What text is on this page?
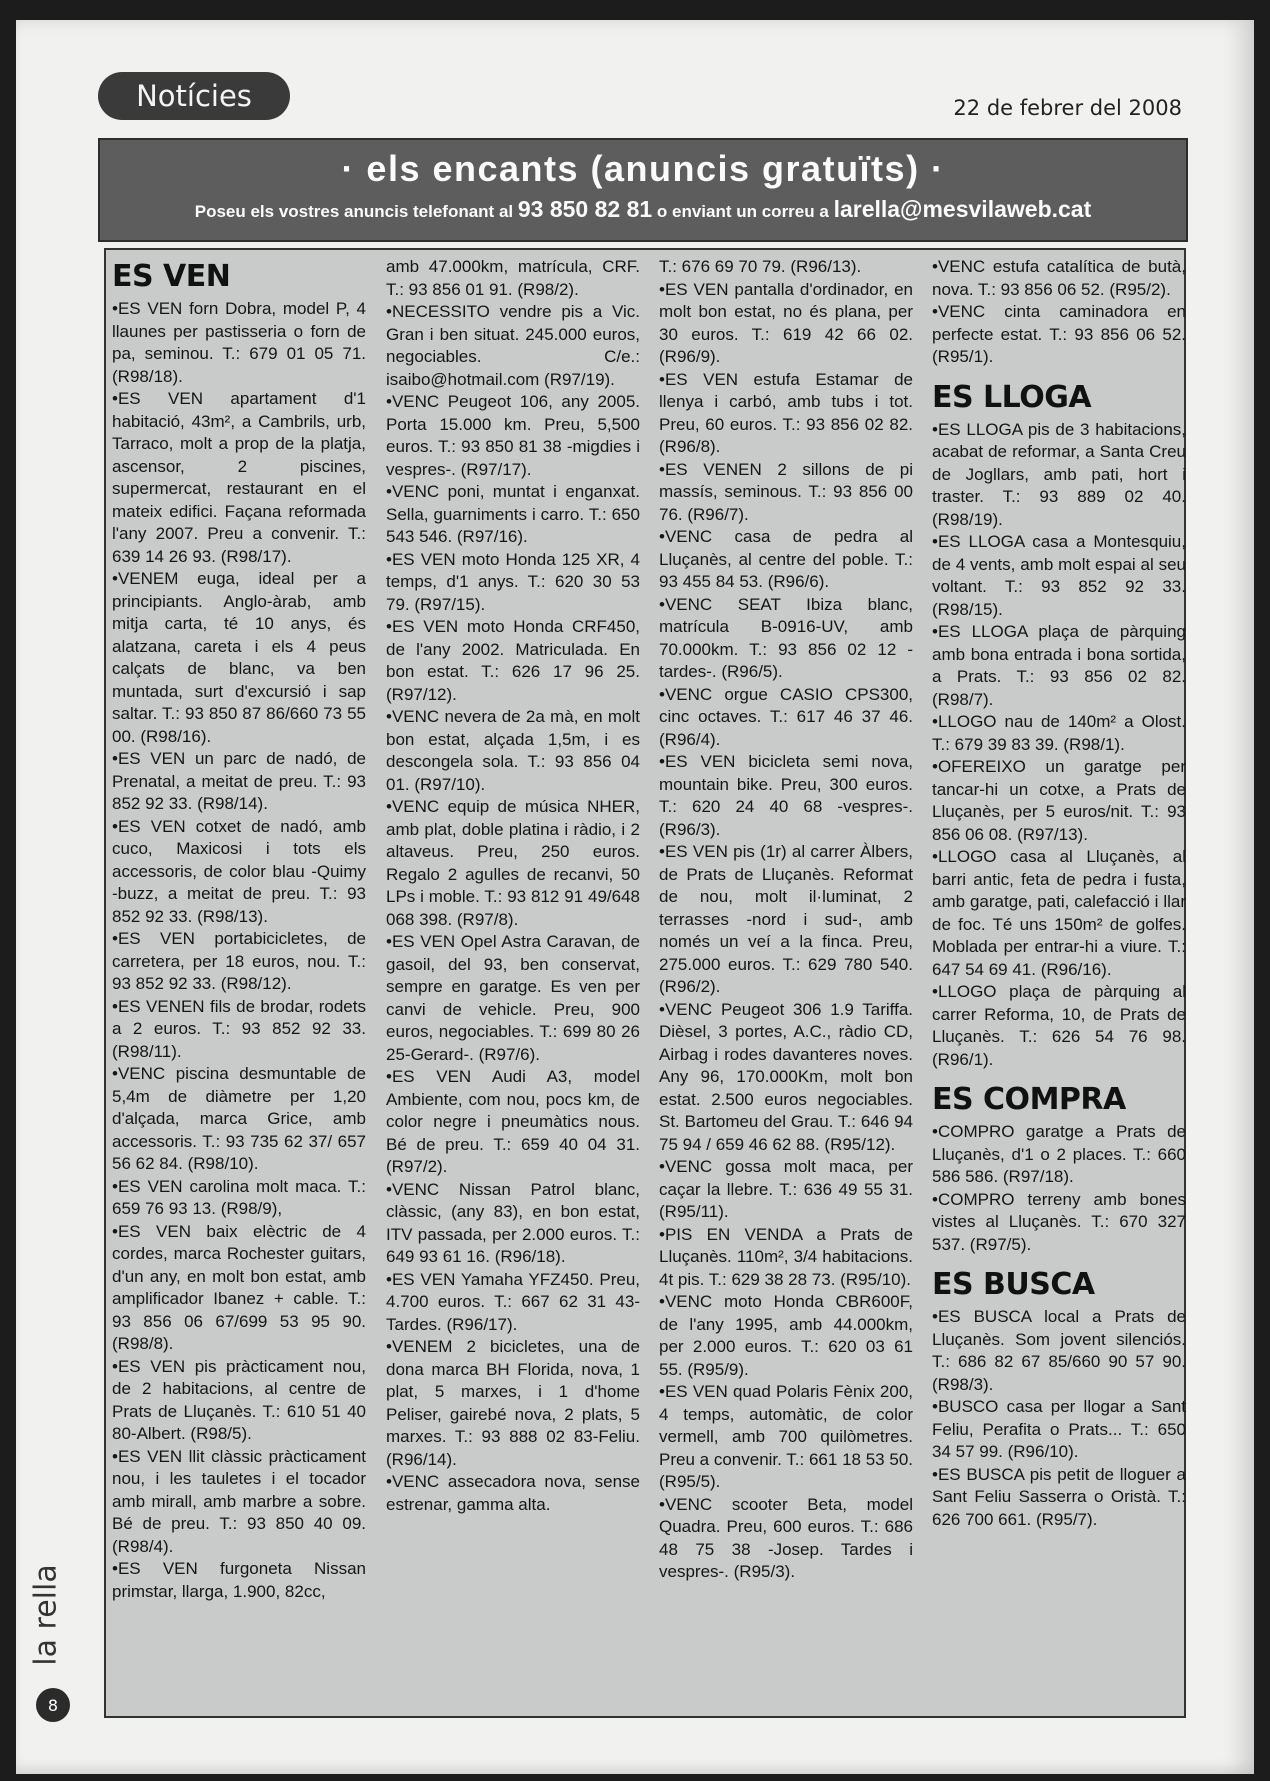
Notícies	22 de febrer del 2008
· els encants (anuncis gratuïts) ·
Poseu els vostres anuncis telefonant al 93 850 82 81 o enviant un correu a larella@mesvilaweb.cat
ES VEN

•ES VEN forn Dobra, model P, 4 llaunes per pastisseria o forn de pa, seminou. T.: 679 01 05 71. (R98/18).

•ES VEN apartament d'1 habitació, 43m², a Cambrils, urb, Tarraco, molt a prop de la platja, ascensor, 2 piscines, supermercat, restaurant en el mateix edifici. Façana reformada l'any 2007. Preu a convenir. T.: 639 14 26 93. (R98/17).

•VENEM euga, ideal per a principiants. Anglo-àrab, amb mitja carta, té 10 anys, és alatzana, careta i els 4 peus calçats de blanc, va ben muntada, surt d'excursió i sap saltar. T.: 93 850 87 86/660 73 55 00. (R98/16).

•ES VEN un parc de nadó, de Prenatal, a meitat de preu. T.: 93 852 92 33. (R98/14).

•ES VEN cotxet de nadó, amb cuco, Maxicosi i tots els accessoris, de color blau -Quimy -buzz, a meitat de preu. T.: 93 852 92 33. (R98/13).

•ES VEN portabicicletes, de carretera, per 18 euros, nou. T.: 93 852 92 33. (R98/12).

•ES VENEN fils de brodar, rodets a 2 euros. T.: 93 852 92 33. (R98/11).

•VENC piscina desmuntable de 5,4m de diàmetre per 1,20 d'alçada, marca Grice, amb accessoris. T.: 93 735 62 37/ 657 56 62 84. (R98/10).

•ES VEN carolina molt maca. T.: 659 76 93 13. (R98/9),

•ES VEN baix elèctric de 4 cordes, marca Rochester guitars, d'un any, en molt bon estat, amb amplificador Ibanez + cable. T.: 93 856 06 67/699 53 95 90. (R98/8).

•ES VEN pis pràcticament nou, de 2 habitacions, al centre de Prats de Lluçanès. T.: 610 51 40 80-Albert. (R98/5).

•ES VEN llit clàssic pràcticament nou, i les tauletes i el tocador amb mirall, amb marbre a sobre. Bé de preu. T.: 93 850 40 09. (R98/4).

•ES VEN furgoneta Nissan primstar, llarga, 1.900, 82cc,

amb 47.000km, matrícula, CRF. T.: 93 856 01 91. (R98/2).

•NECESSITO vendre pis a Vic. Gran i ben situat. 245.000 euros, negociables. C/e.: isaibo@hotmail.com (R97/19).

•VENC Peugeot 106, any 2005. Porta 15.000 km. Preu, 5,500 euros. T.: 93 850 81 38 -migdies i vespres-. (R97/17).

•VENC poni, muntat i enganxat. Sella, guarniments i carro. T.: 650 543 546. (R97/16).

•ES VEN moto Honda 125 XR, 4 temps, d'1 anys. T.: 620 30 53 79. (R97/15).

•ES VEN moto Honda CRF450, de l'any 2002. Matriculada. En bon estat. T.: 626 17 96 25. (R97/12).

•VENC nevera de 2a mà, en molt bon estat, alçada 1,5m, i es descongela sola. T.: 93 856 04 01. (R97/10).

•VENC equip de música NHER, amb plat, doble platina i ràdio, i 2 altaveus. Preu, 250 euros. Regalo 2 agulles de recanvi, 50 LPs i moble. T.: 93 812 91 49/648 068 398. (R97/8).

•ES VEN Opel Astra Caravan, de gasoil, del 93, ben conservat, sempre en garatge. Es ven per canvi de vehicle. Preu, 900 euros, negociables. T.: 699 80 26 25-Gerard-. (R97/6).

•ES VEN Audi A3, model Ambiente, com nou, pocs km, de color negre i pneumàtics nous. Bé de preu. T.: 659 40 04 31. (R97/2).

•VENC Nissan Patrol blanc, clàssic, (any 83), en bon estat, ITV passada, per 2.000 euros. T.: 649 93 61 16. (R96/18).

•ES VEN Yamaha YFZ450. Preu, 4.700 euros. T.: 667 62 31 43-Tardes. (R96/17).

•VENEM 2 bicicletes, una de dona marca BH Florida, nova, 1 plat, 5 marxes, i 1 d'home Peliser, gairebé nova, 2 plats, 5 marxes. T.: 93 888 02 83-Feliu. (R96/14).

•VENC assecadora nova, sense estrenar, gamma alta.

T.: 676 69 70 79. (R96/13).

•ES VEN pantalla d'ordinador, en molt bon estat, no és plana, per 30 euros. T.: 619 42 66 02. (R96/9).

•ES VEN estufa Estamar de llenya i carbó, amb tubs i tot. Preu, 60 euros. T.: 93 856 02 82. (R96/8).

•ES VENEN 2 sillons de pi massís, seminous. T.: 93 856 00 76. (R96/7).

•VENC casa de pedra al Lluçanès, al centre del poble. T.: 93 455 84 53. (R96/6).

•VENC SEAT Ibiza blanc, matrícula B-0916-UV, amb 70.000km. T.: 93 856 02 12 -tardes-. (R96/5).

•VENC orgue CASIO CPS300, cinc octaves. T.: 617 46 37 46. (R96/4).

•ES VEN bicicleta semi nova, mountain bike. Preu, 300 euros. T.: 620 24 40 68 -vespres-. (R96/3).

•ES VEN pis (1r) al carrer Àlbers, de Prats de Lluçanès. Reformat de nou, molt il·luminat, 2 terrasses -nord i sud-, amb només un veí a la finca. Preu, 275.000 euros. T.: 629 780 540. (R96/2).

•VENC Peugeot 306 1.9 Tariffa. Dièsel, 3 portes, A.C., ràdio CD, Airbag i rodes davanteres noves. Any 96, 170.000Km, molt bon estat. 2.500 euros negociables. St. Bartomeu del Grau. T.: 646 94 75 94 / 659 46 62 88. (R95/12).

•VENC gossa molt maca, per caçar la llebre. T.: 636 49 55 31. (R95/11).

•PIS EN VENDA a Prats de Lluçanès. 110m², 3/4 habitacions. 4t pis. T.: 629 38 28 73. (R95/10).

•VENC moto Honda CBR600F, de l'any 1995, amb 44.000km, per 2.000 euros. T.: 620 03 61 55. (R95/9).

•ES VEN quad Polaris Fènix 200, 4 temps, automàtic, de color vermell, amb 700 quilòmetres. Preu a convenir. T.: 661 18 53 50. (R95/5).

•VENC scooter Beta, model Quadra. Preu, 600 euros. T.: 686 48 75 38 -Josep. Tardes i vespres-. (R95/3).

•VENC estufa catalítica de butà, nova. T.: 93 856 06 52. (R95/2).

•VENC cinta caminadora en perfecte estat. T.: 93 856 06 52. (R95/1).

ES LLOGA

•ES LLOGA pis de 3 habitacions, acabat de reformar, a Santa Creu de Jogllars, amb pati, hort i traster. T.: 93 889 02 40. (R98/19).

•ES LLOGA casa a Montesquiu, de 4 vents, amb molt espai al seu voltant. T.: 93 852 92 33. (R98/15).

•ES LLOGA plaça de pàrquing amb bona entrada i bona sortida, a Prats. T.: 93 856 02 82. (R98/7).

•LLOGO nau de 140m² a Olost. T.: 679 39 83 39. (R98/1).

•OFEREIXO un garatge per tancar-hi un cotxe, a Prats de Lluçanès, per 5 euros/nit. T.: 93 856 06 08. (R97/13).

•LLOGO casa al Lluçanès, al barri antic, feta de pedra i fusta, amb garatge, pati, calefacció i llar de foc. Té uns 150m² de golfes. Moblada per entrar-hi a viure. T.: 647 54 69 41. (R96/16).

•LLOGO plaça de pàrquing al carrer Reforma, 10, de Prats de Lluçanès. T.: 626 54 76 98. (R96/1).

ES COMPRA

•COMPRO garatge a Prats de Lluçanès, d'1 o 2 places. T.: 660 586 586. (R97/18).

•COMPRO terreny amb bones vistes al Lluçanès. T.: 670 327 537. (R97/5).

ES BUSCA

•ES BUSCA local a Prats de Lluçanès. Som jovent silenciós. T.: 686 82 67 85/660 90 57 90. (R98/3).

•BUSCO casa per llogar a Sant Feliu, Perafita o Prats... T.: 650 34 57 99. (R96/10).

•ES BUSCA pis petit de lloguer a Sant Feliu Sasserra o Oristà. T.: 626 700 661. (R95/7).

la rella
8
